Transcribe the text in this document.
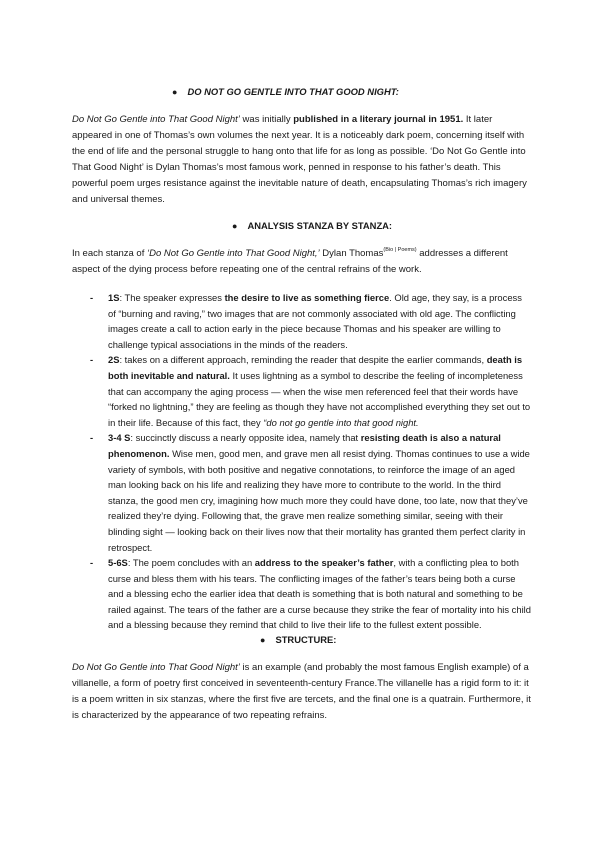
● DO NOT GO GENTLE INTO THAT GOOD NIGHT:

Do Not Go Gentle into That Good Night’ was initially published in a literary journal in 1951. It later appeared in one of Thomas’s own volumes the next year. It is a noticeably dark poem, concerning itself with the end of life and the personal struggle to hang onto that life for as long as possible. ‘Do Not Go Gentle into That Good Night’ is Dylan Thomas’s most famous work, penned in response to his father’s death. This powerful poem urges resistance against the inevitable nature of death, encapsulating Thomas’s rich imagery and universal themes.

● ANALYSIS STANZA BY STANZA:

In each stanza of ‘Do Not Go Gentle into That Good Night,’ Dylan Thomas$^{(Bio | Poems)}$ addresses a different aspect of the dying process before repeating one of the central refrains of the work.

- 1S: The speaker expresses the desire to live as something fierce. Old age, they say, is a process of “burning and raving,” two images that are not commonly associated with old age. The conflicting images create a call to action early in the piece because Thomas and his speaker are willing to challenge typical associations in the minds of the readers.
- 2S: takes on a different approach, reminding the reader that despite the earlier commands, death is both inevitable and natural. It uses lightning as a symbol to describe the feeling of incompleteness that can accompany the aging process — when the wise men referenced feel that their words have “forked no lightning,” they are feeling as though they have not accomplished everything they set out to in their life. Because of this fact, they “do not go gentle into that good night.
- 3-4 S: succinctly discuss a nearly opposite idea, namely that resisting death is also a natural phenomenon. Wise men, good men, and grave men all resist dying. Thomas continues to use a wide variety of symbols, with both positive and negative connotations, to reinforce the image of an aged man looking back on his life and realizing they have more to contribute to the world. In the third stanza, the good men cry, imagining how much more they could have done, too late, now that they’ve realized they’re dying. Following that, the grave men realize something similar, seeing with their blinding sight — looking back on their lives now that their mortality has granted them perfect clarity in retrospect.
- 5-6S: The poem concludes with an address to the speaker’s father, with a conflicting plea to both curse and bless them with his tears. The conflicting images of the father’s tears being both a curse and a blessing echo the earlier idea that death is something that is both natural and something to be railed against. The tears of the father are a curse because they strike the fear of mortality into his child and a blessing because they remind that child to live their life to the fullest extent possible.
● STRUCTURE:

Do Not Go Gentle into That Good Night’ is an example (and probably the most famous English example) of a villanelle, a form of poetry first conceived in seventeenth-century France.The villanelle has a rigid form to it: it is a poem written in six stanzas, where the first five are tercets, and the final one is a quatrain. Furthermore, it is characterized by the appearance of two repeating refrains.
